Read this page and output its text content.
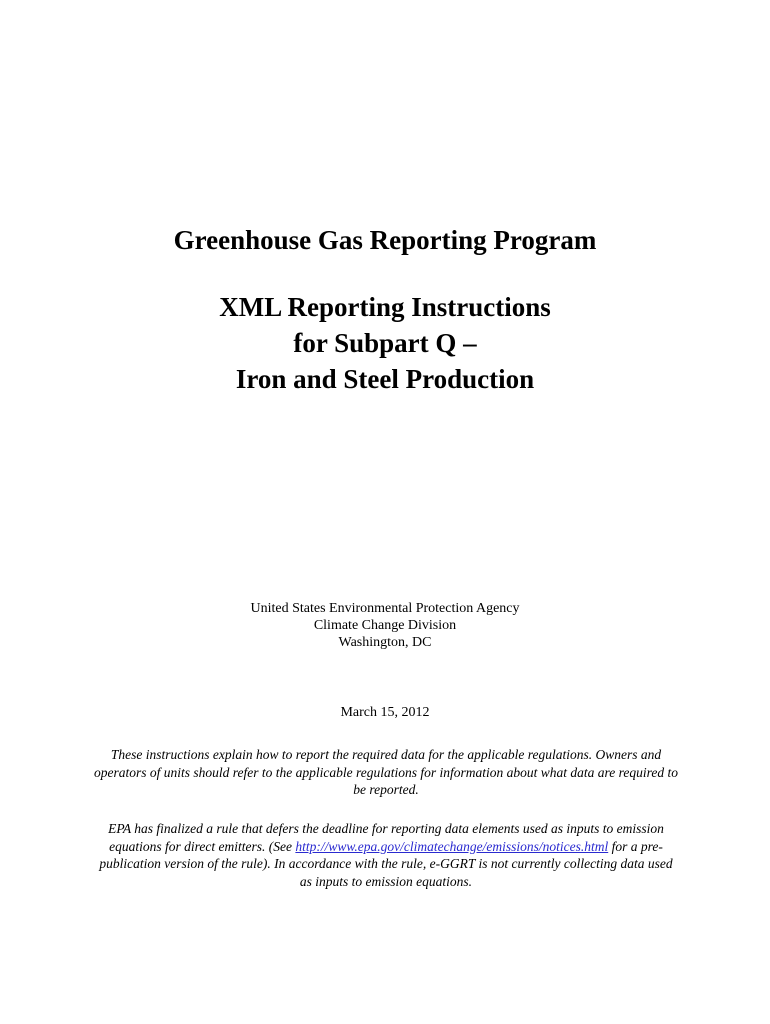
Greenhouse Gas Reporting Program
XML Reporting Instructions
for Subpart Q –
Iron and Steel Production
United States Environmental Protection Agency
Climate Change Division
Washington, DC
March 15, 2012
These instructions explain how to report the required data for the applicable regulations. Owners and operators of units should refer to the applicable regulations for information about what data are required to be reported.
EPA has finalized a rule that defers the deadline for reporting data elements used as inputs to emission equations for direct emitters. (See http://www.epa.gov/climatechange/emissions/notices.html for a pre-publication version of the rule). In accordance with the rule, e-GGRT is not currently collecting data used as inputs to emission equations.
